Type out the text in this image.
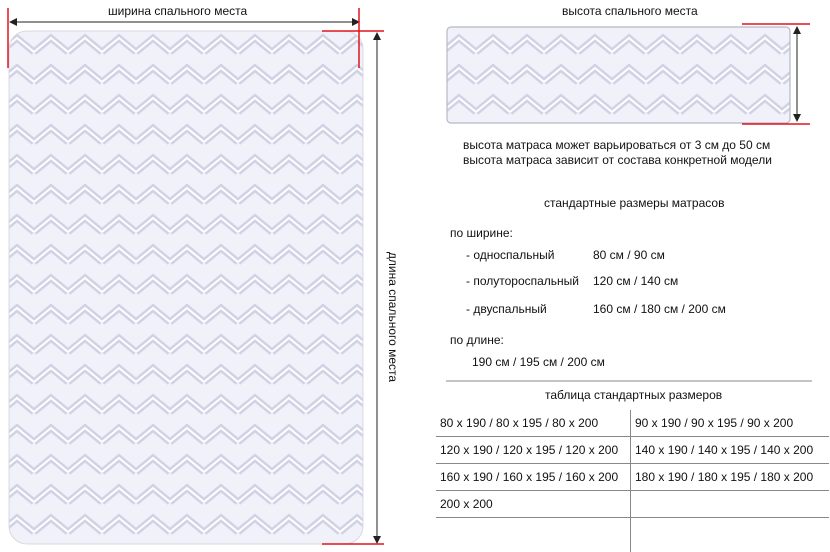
ширина спального места
длина спального места
высота спального места
высота матраса может варьироваться от 3 см до 50 см
высота матраса зависит от состава конкретной модели
стандартные размеры матрасов
по ширине:
- односпальный	80 см / 90 см
- полутороспальный 120 см / 140 см
- двуспальный	160 см / 180 см / 200 см
по длине:
190 см / 195 см / 200 см
таблица стандартных размеров
80 x 190 / 80 x 195 / 80 x 200	90 x 190 / 90 x 195 / 90 x 200
120 x 190 / 120 x 195 / 120 x 200	140 x 190 / 140 x 195 / 140 x 200
160 x 190 / 160 x 195 / 160 x 200	180 x 190 / 180 x 195 / 180 x 200
200 x 200	
